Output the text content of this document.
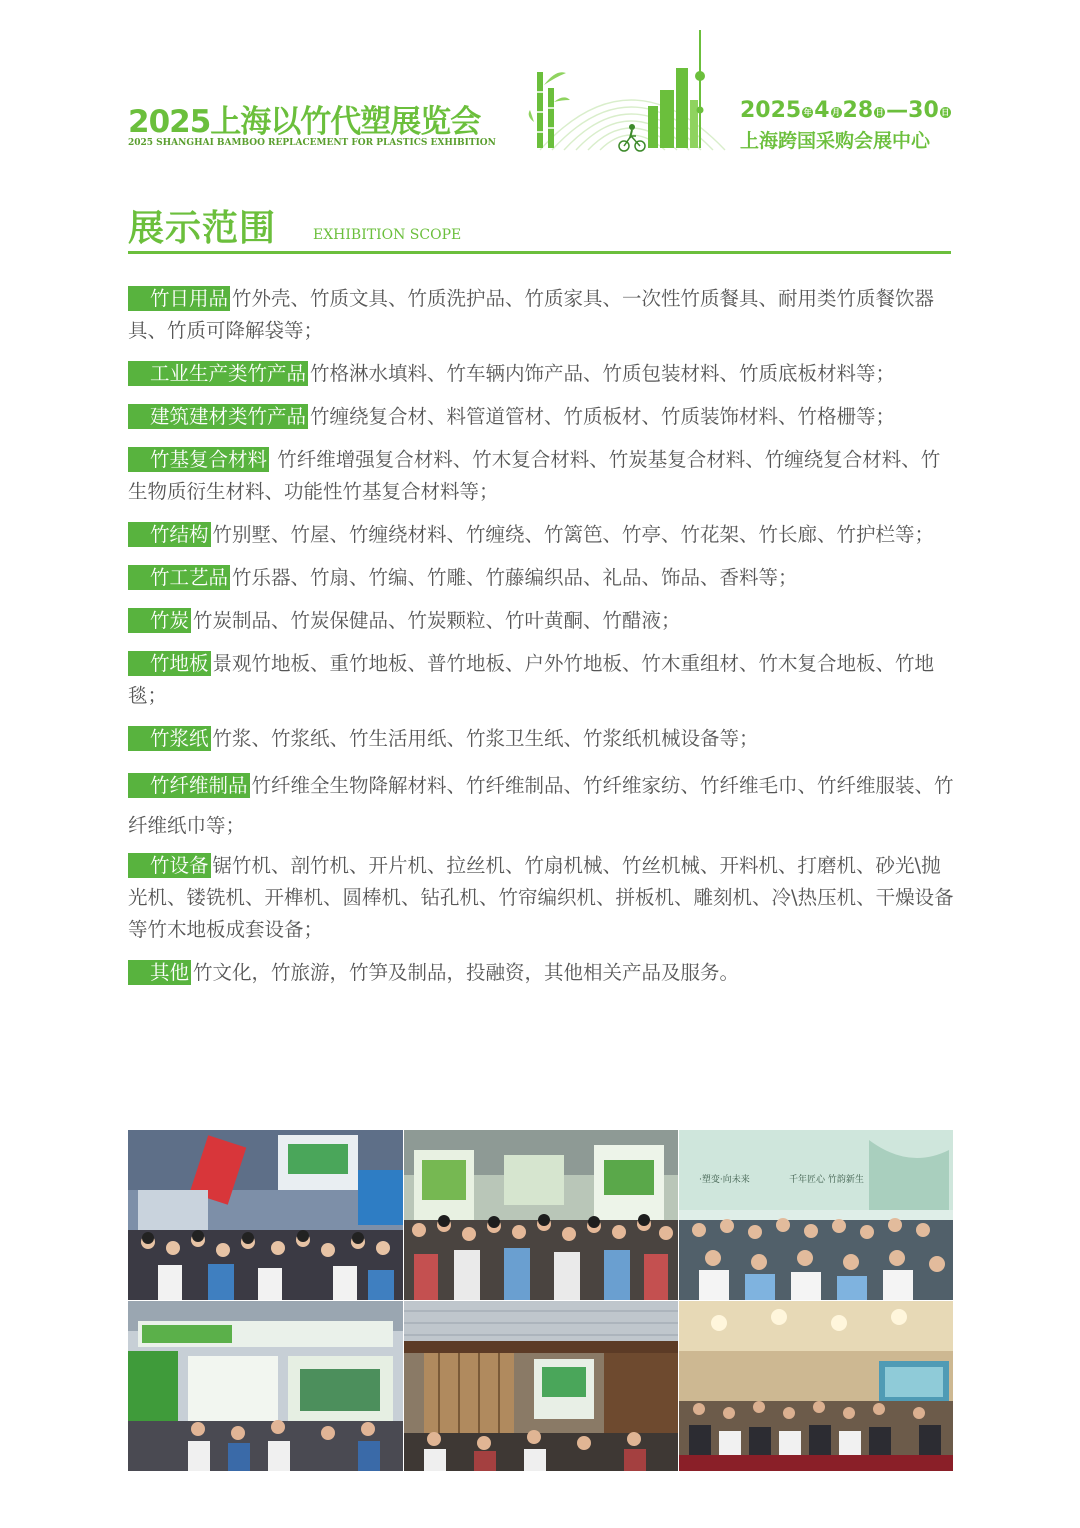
2025上海以竹代塑展览会
2025 SHANGHAI BAMBOO REPLACEMENT FOR PLASTICS EXHIBITION
2025 年 4 月 28 日 —30 日
上海跨国采购会展中心
展示范围	EXHIBITION SCOPE
竹日用品 竹外壳、竹质文具、竹质洗护品、竹质家具、一次性竹质餐具、耐用类竹质餐饮器具、竹质可降解袋等；
工业生产类竹产品 竹格淋水填料、竹车辆内饰产品、竹质包装材料、竹质底板材料等；
建筑建材类竹产品 竹缠绕复合材、料管道管材、竹质板材、竹质装饰材料、竹格栅等；
竹基复合材料 竹纤维增强复合材料、竹木复合材料、竹炭基复合材料、竹缠绕复合材料、竹生物质衍生材料、功能性竹基复合材料等；
竹结构 竹别墅、竹屋、竹缠绕材料、竹缠绕、竹篱笆、竹亭、竹花架、竹长廊、竹护栏等；
竹工艺品 竹乐器、竹扇、竹编、竹雕、竹藤编织品、礼品、饰品、香料等；
竹炭 竹炭制品、竹炭保健品、竹炭颗粒、竹叶黄酮、竹醋液；
竹地板 景观竹地板、重竹地板、普竹地板、户外竹地板、竹木重组材、竹木复合地板、竹地毯；
竹浆纸 竹浆、竹浆纸、竹生活用纸、竹浆卫生纸、竹浆纸机械设备等；
竹纤维制品 竹纤维全生物降解材料、竹纤维制品、竹纤维家纺、竹纤维毛巾、竹纤维服装、竹纤维纸巾等；
竹设备 锯竹机、剖竹机、开片机、拉丝机、竹扇机械、竹丝机械、开料机、打磨机、砂光\抛光机、镂铣机、开榫机、圆棒机、钻孔机、竹帘编织机、拼板机、雕刻机、冷\热压机、干燥设备等竹木地板成套设备；
其他 竹文化，竹旅游，竹笋及制品，投融资，其他相关产品及服务。
·塑变·向未来	千年匠心 竹韵新生
